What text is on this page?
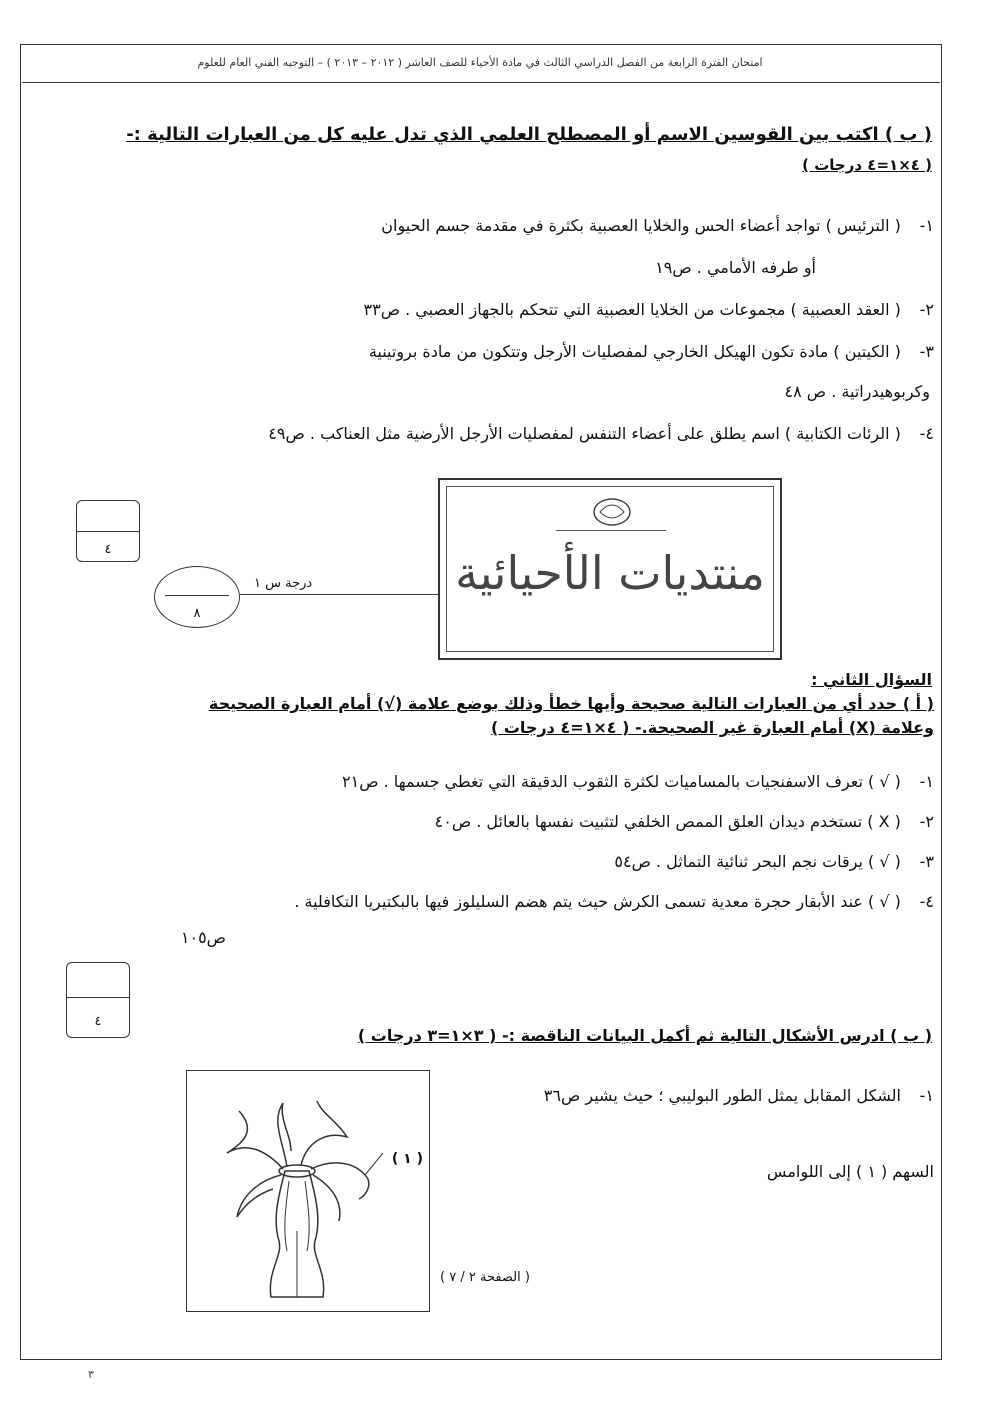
امتحان الفترة الرابعة من الفصل الدراسي الثالث في مادة الأحياء للصف العاشر ( ٢٠١٢ – ٢٠١٣ ) – التوجيه الفني العام للعلوم
( ب ) اكتب بين القوسين الاسم أو المصطلح العلمي الذي تدل عليه كل من العبارات التالية :-
( ٤×١=٤ درجات )
١- ( الترئيس ) تواجد أعضاء الحس والخلايا العصبية بكثرة في مقدمة جسم الحيوان
أو طرفه الأمامي . ص١٩
٢- ( العقد العصبية ) مجموعات من الخلايا العصبية التي تتحكم بالجهاز العصبي . ص٣٣
٣- ( الكيتين ) مادة تكون الهيكل الخارجي لمفصليات الأرجل وتتكون من مادة بروتينية
وكربوهيدراتية . ص ٤٨
٤- ( الرئات الكتابية ) اسم يطلق على أعضاء التنفس لمفصليات الأرجل الأرضية مثل العناكب . ص٤٩
٤
٨
درجة س ١	منتديات الأحيائية
السؤال الثاني :
( أ ) حدد أي من العبارات التالية صحيحة وأيها خطأ وذلك بوضع علامة (√) أمام العبارة الصحيحة
وعلامة (X) أمام العبارة غير الصحيحة.- ( ٤×١=٤ درجات )
١- ( √ ) تعرف الاسفنجيات بالمساميات لكثرة الثقوب الدقيقة التي تغطي جسمها . ص٢١
٢- ( X ) تستخدم ديدان العلق الممص الخلفي لتثبيت نفسها بالعائل . ص٤٠
٣- ( √ ) يرقات نجم البحر ثنائية التماثل . ص٥٤
٤- ( √ ) عند الأبقار حجرة معدية تسمى الكرش حيث يتم هضم السليلوز فيها بالبكتيريا التكافلية .
ص١٠٥
٤
( ب ) ادرس الأشكال التالية ثم أكمل البيانات الناقصة :- ( ٣×١=٣ درجات )
١- الشكل المقابل يمثل الطور البوليبي ؛ حيث يشير ص٣٦
السهم ( ١ ) إلى اللوامس
( ١ )
( الصفحة ٢ / ٧ )
٣
